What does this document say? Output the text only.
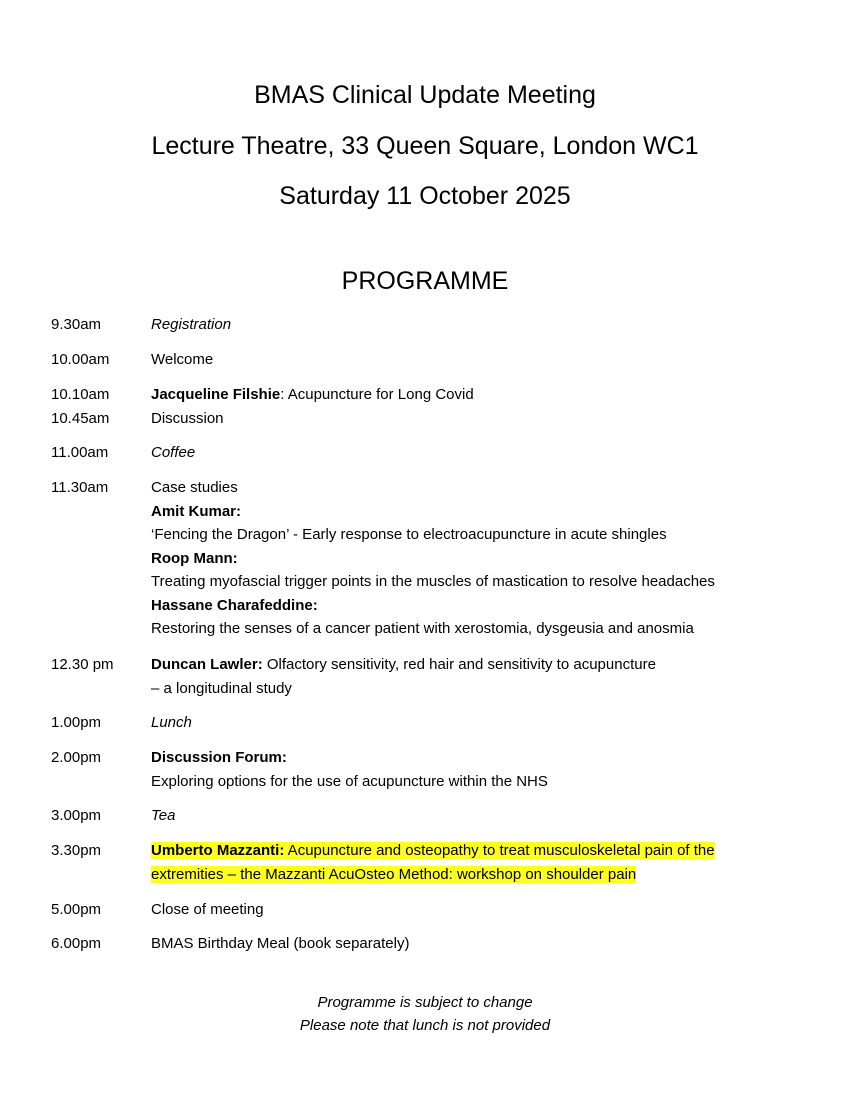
BMAS Clinical Update Meeting
Lecture Theatre, 33 Queen Square, London WC1
Saturday 11 October 2025
PROGRAMME
9.30am	Registration
10.00am	Welcome
10.10am	Jacqueline Filshie: Acupuncture for Long Covid
10.45am	Discussion
11.00am	Coffee
11.30am	Case studies
Amit Kumar:
‘Fencing the Dragon’ - Early response to electroacupuncture in acute shingles
Roop Mann:
Treating myofascial trigger points in the muscles of mastication to resolve headaches
Hassane Charafeddine:
Restoring the senses of a cancer patient with xerostomia, dysgeusia and anosmia
12.30 pm Duncan Lawler: Olfactory sensitivity, red hair and sensitivity to acupuncture
– a longitudinal study
1.00pm	Lunch
2.00pm	Discussion Forum:
Exploring options for the use of acupuncture within the NHS
3.00pm	Tea
3.30pm	Umberto Mazzanti: Acupuncture and osteopathy to treat musculoskeletal pain of the
extremities – the Mazzanti AcuOsteo Method: workshop on shoulder pain
5.00pm	Close of meeting
6.00pm	BMAS Birthday Meal (book separately)
Programme is subject to change
Please note that lunch is not provided
